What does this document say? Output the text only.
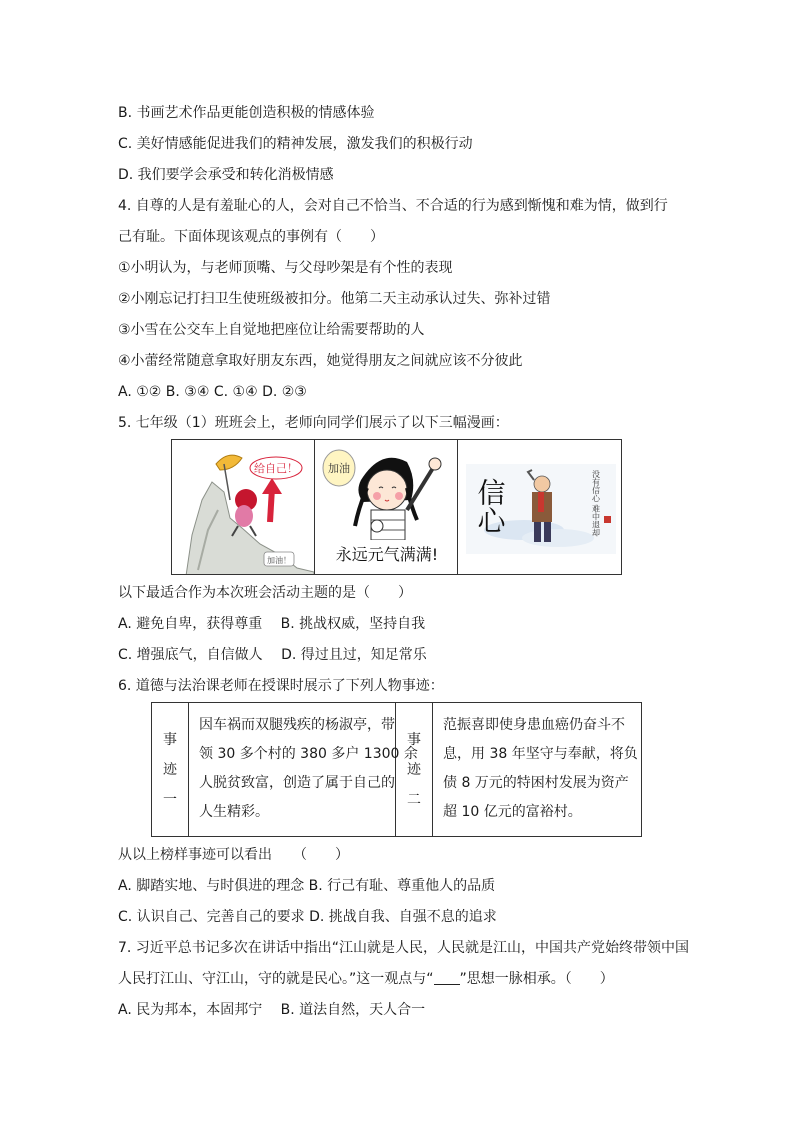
B. 书画艺术作品更能创造积极的情感体验
C. 美好情感能促进我们的精神发展，激发我们的积极行动
D. 我们要学会承受和转化消极情感
4. 自尊的人是有羞耻心的人，会对自己不恰当、不合适的行为感到惭愧和难为情，做到行
己有耻。下面体现该观点的事例有（　　）
①小明认为，与老师顶嘴、与父母吵架是有个性的表现
②小刚忘记打扫卫生使班级被扣分。他第二天主动承认过失、弥补过错
③小雪在公交车上自觉地把座位让给需要帮助的人
④小蕾经常随意拿取好朋友东西，她觉得朋友之间就应该不分彼此
A. ①② B. ③④ C. ①④ D. ②③
5. 七年级（1）班班会上，老师向同学们展示了以下三幅漫画：
给自己！
加油！
加油
永远元气满满!
信心	没有信心 难中退却
以下最适合作为本次班会活动主题的是（　　）
A. 避免自卑，获得尊重　 B. 挑战权威，坚持自我
C. 增强底气，自信做人　 D. 得过且过，知足常乐
6. 道德与法治课老师在授课时展示了下列人物事迹：
事
迹
一
因车祸而双腿残疾的杨淑亭，带
领 30 多个村的 380 多户 1300 余
人脱贫致富，创造了属于自己的
人生精彩。
事
迹
二
范振喜即使身患血癌仍奋斗不
息，用 38 年坚守与奉献，将负
债 8 万元的特困村发展为资产
超 10 亿元的富裕村。
从以上榜样事迹可以看出　　（　　）
A. 脚踏实地、与时俱进的理念 B. 行己有耻、尊重他人的品质
C. 认识自己、完善自己的要求 D. 挑战自我、自强不息的追求
7. 习近平总书记多次在讲话中指出“江山就是人民，人民就是江山，中国共产党始终带领中国
人民打江山、守江山，守的就是民心。”这一观点与“ ”思想一脉相承。（　　）
A. 民为邦本，本固邦宁　 B. 道法自然，天人合一
